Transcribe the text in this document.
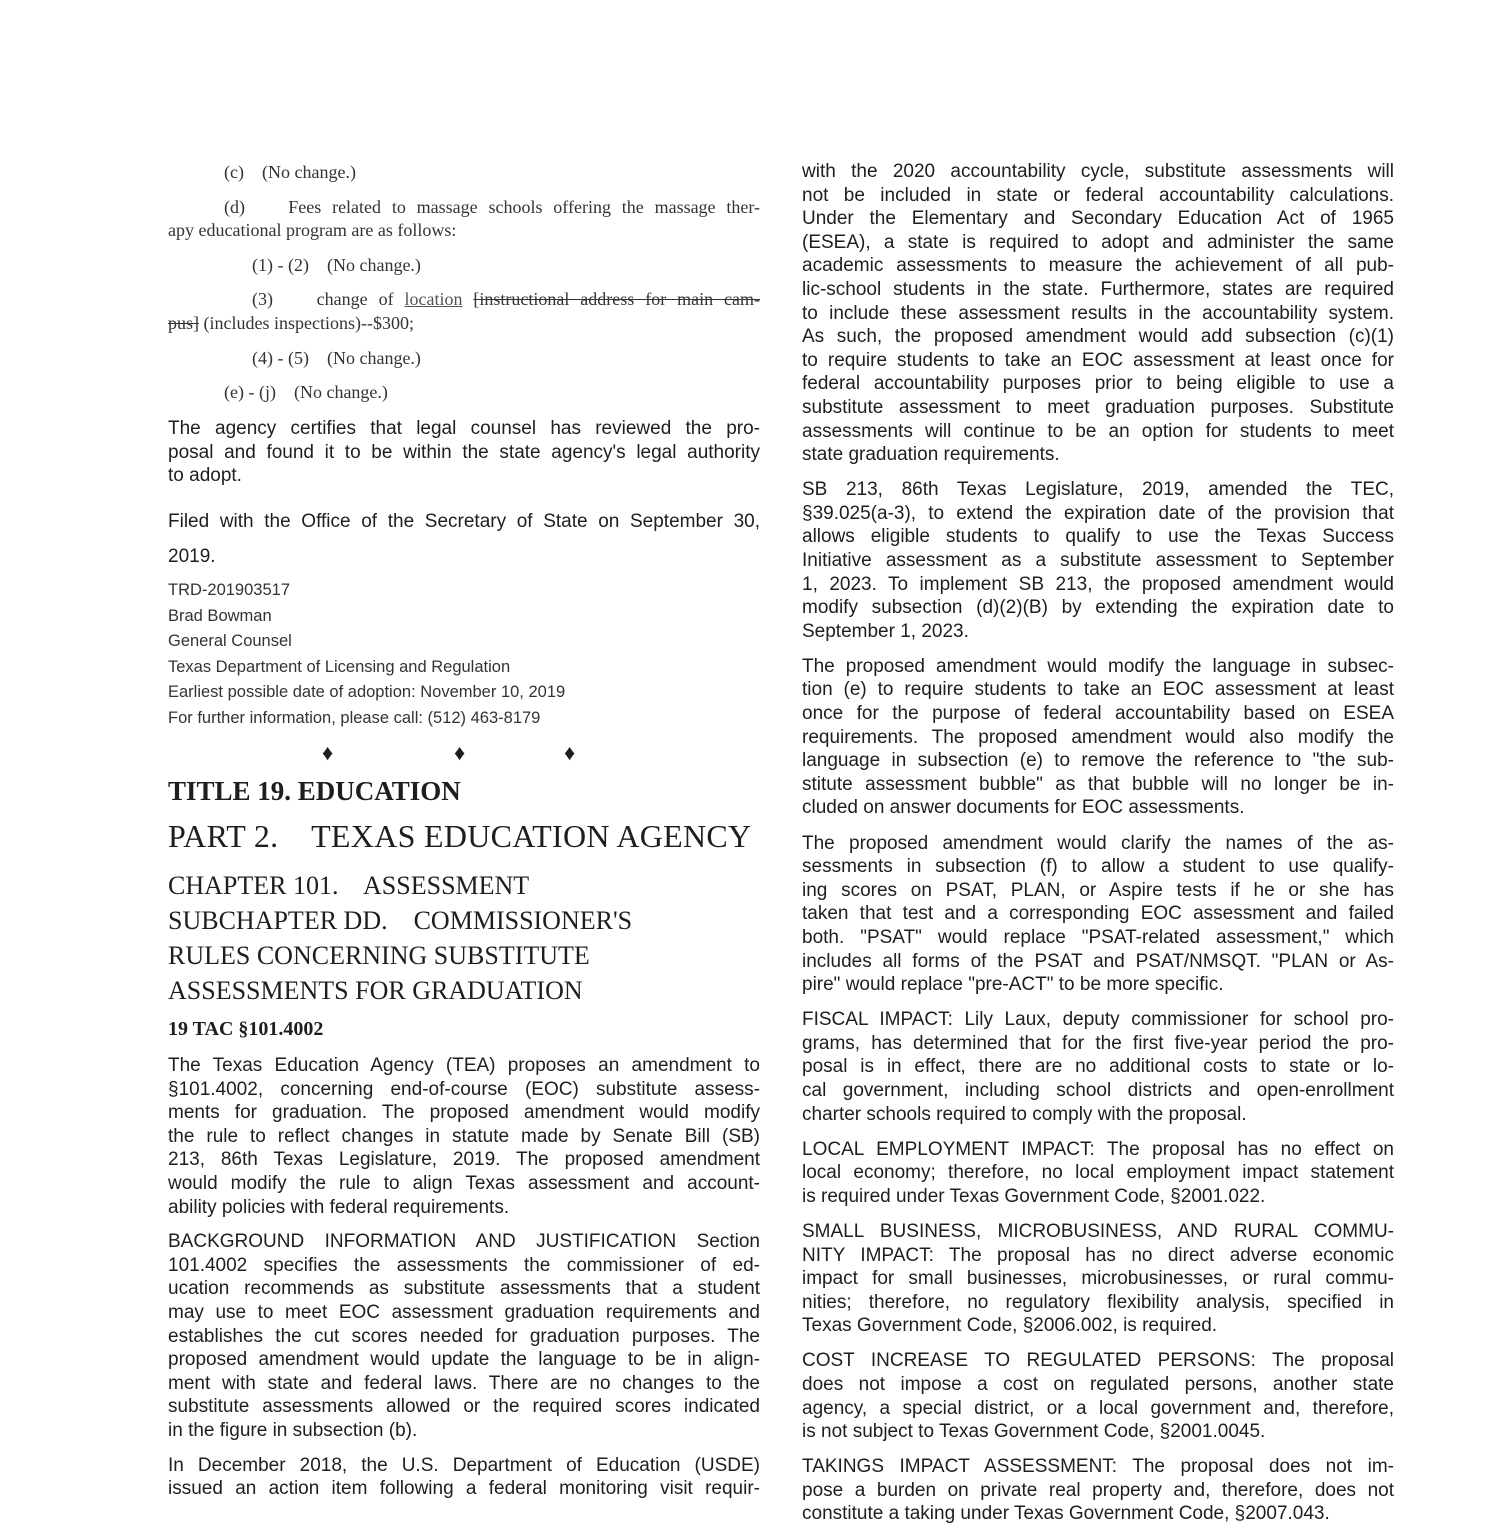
(c)    (No change.)
(d)    Fees related to massage schools offering the massage ther-
apy educational program are as follows:
(1) - (2)    (No change.)
(3)    change of location [instructional address for main cam-
pus] (includes inspections)--$300;
(4) - (5)    (No change.)
(e) - (j)    (No change.)
The agency certifies that legal counsel has reviewed the pro-
posal and found it to be within the state agency's legal authority
to adopt.
Filed with the Office of the Secretary of State on September 30,
2019.
TRD-201903517
Brad Bowman
General Counsel
Texas Department of Licensing and Regulation
Earliest possible date of adoption: November 10, 2019
For further information, please call: (512) 463-8179
♦	♦	♦
TITLE 19. EDUCATION
PART 2.    TEXAS EDUCATION AGENCY
CHAPTER 101.    ASSESSMENT
SUBCHAPTER DD.    COMMISSIONER'S
RULES CONCERNING SUBSTITUTE
ASSESSMENTS FOR GRADUATION
19 TAC §101.4002
The Texas Education Agency (TEA) proposes an amendment to
§101.4002, concerning end-of-course (EOC) substitute assess-
ments for graduation. The proposed amendment would modify
the rule to reflect changes in statute made by Senate Bill (SB)
213, 86th Texas Legislature, 2019. The proposed amendment
would modify the rule to align Texas assessment and account-
ability policies with federal requirements.
BACKGROUND INFORMATION AND JUSTIFICATION Section
101.4002 specifies the assessments the commissioner of ed-
ucation recommends as substitute assessments that a student
may use to meet EOC assessment graduation requirements and
establishes the cut scores needed for graduation purposes. The
proposed amendment would update the language to be in align-
ment with state and federal laws. There are no changes to the
substitute assessments allowed or the required scores indicated
in the figure in subsection (b).
In December 2018, the U.S. Department of Education (USDE)
issued an action item following a federal monitoring visit requir-
with the 2020 accountability cycle, substitute assessments will
not be included in state or federal accountability calculations.
Under the Elementary and Secondary Education Act of 1965
(ESEA), a state is required to adopt and administer the same
academic assessments to measure the achievement of all pub-
lic-school students in the state. Furthermore, states are required
to include these assessment results in the accountability system.
As such, the proposed amendment would add subsection (c)(1)
to require students to take an EOC assessment at least once for
federal accountability purposes prior to being eligible to use a
substitute assessment to meet graduation purposes. Substitute
assessments will continue to be an option for students to meet
state graduation requirements.
SB 213, 86th Texas Legislature, 2019, amended the TEC,
§39.025(a-3), to extend the expiration date of the provision that
allows eligible students to qualify to use the Texas Success
Initiative assessment as a substitute assessment to September
1, 2023. To implement SB 213, the proposed amendment would
modify subsection (d)(2)(B) by extending the expiration date to
September 1, 2023.
The proposed amendment would modify the language in subsec-
tion (e) to require students to take an EOC assessment at least
once for the purpose of federal accountability based on ESEA
requirements. The proposed amendment would also modify the
language in subsection (e) to remove the reference to "the sub-
stitute assessment bubble" as that bubble will no longer be in-
cluded on answer documents for EOC assessments.
The proposed amendment would clarify the names of the as-
sessments in subsection (f) to allow a student to use qualify-
ing scores on PSAT, PLAN, or Aspire tests if he or she has
taken that test and a corresponding EOC assessment and failed
both. "PSAT" would replace "PSAT-related assessment," which
includes all forms of the PSAT and PSAT/NMSQT. "PLAN or As-
pire" would replace "pre-ACT" to be more specific.
FISCAL IMPACT: Lily Laux, deputy commissioner for school pro-
grams, has determined that for the first five-year period the pro-
posal is in effect, there are no additional costs to state or lo-
cal government, including school districts and open-enrollment
charter schools required to comply with the proposal.
LOCAL EMPLOYMENT IMPACT: The proposal has no effect on
local economy; therefore, no local employment impact statement
is required under Texas Government Code, §2001.022.
SMALL BUSINESS, MICROBUSINESS, AND RURAL COMMU-
NITY IMPACT: The proposal has no direct adverse economic
impact for small businesses, microbusinesses, or rural commu-
nities; therefore, no regulatory flexibility analysis, specified in
Texas Government Code, §2006.002, is required.
COST INCREASE TO REGULATED PERSONS: The proposal
does not impose a cost on regulated persons, another state
agency, a special district, or a local government and, therefore,
is not subject to Texas Government Code, §2001.0045.
TAKINGS IMPACT ASSESSMENT: The proposal does not im-
pose a burden on private real property and, therefore, does not
constitute a taking under Texas Government Code, §2007.043.
